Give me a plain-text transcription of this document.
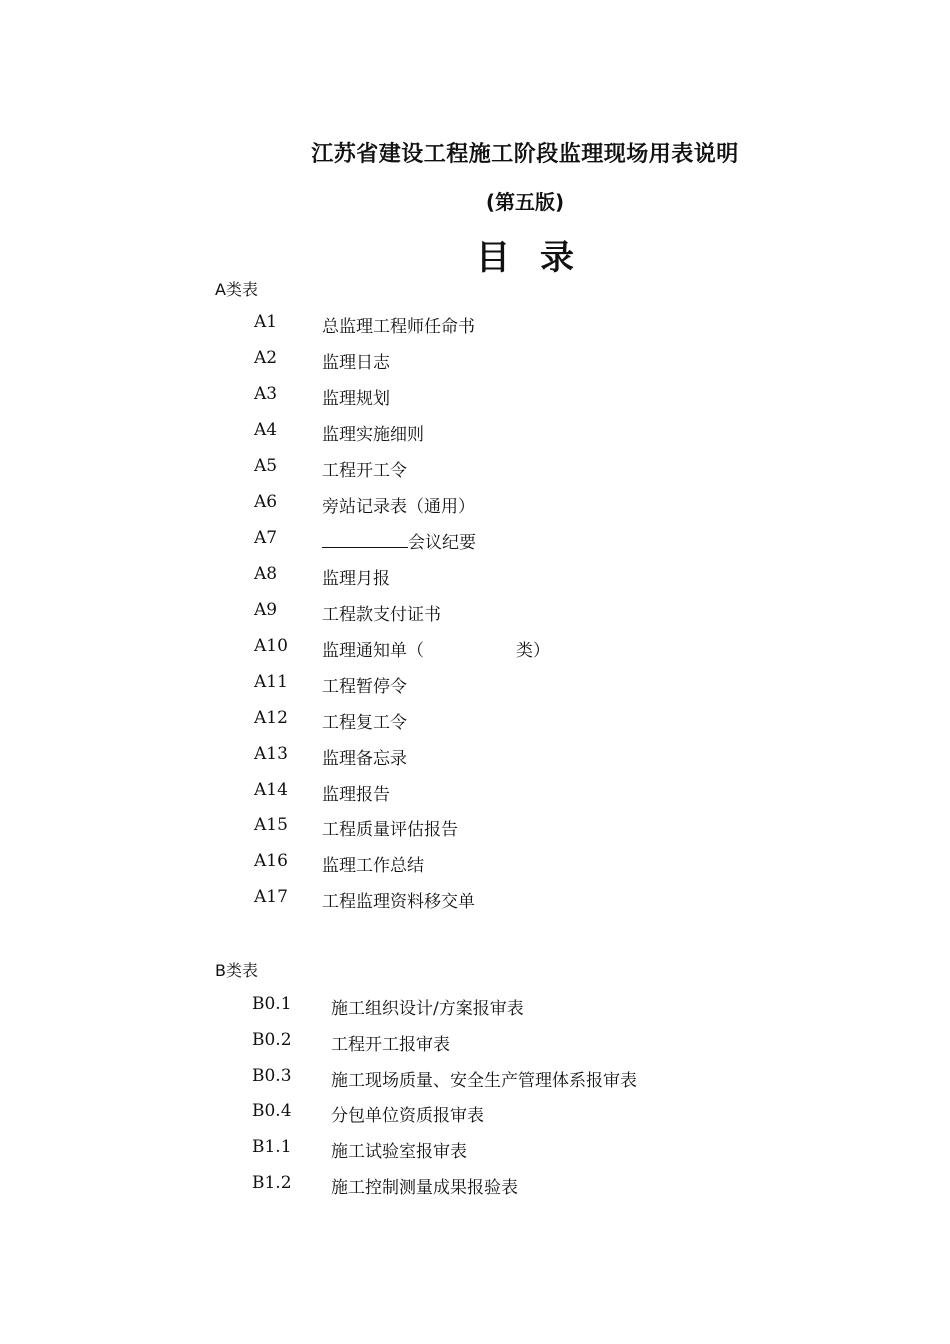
江苏省建设工程施工阶段监理现场用表说明
(第五版)
目录
A类表
A1	总监理工程师任命书
A2	监理日志
A3	监理规划
A4	监理实施细则
A5	工程开工令
A6	旁站记录表（通用）
A7	会议纪要
A8	监理月报
A9	工程款支付证书
A10 监理通知单（	类）
A11 工程暂停令
A12 工程复工令
A13 监理备忘录
A14 监理报告
A15 工程质量评估报告
A16 监理工作总结
A17 工程监理资料移交单
B类表
B0.1 施工组织设计/方案报审表
B0.2 工程开工报审表
B0.3 施工现场质量、安全生产管理体系报审表
B0.4 分包单位资质报审表
B1.1 施工试验室报审表
B1.2 施工控制测量成果报验表
